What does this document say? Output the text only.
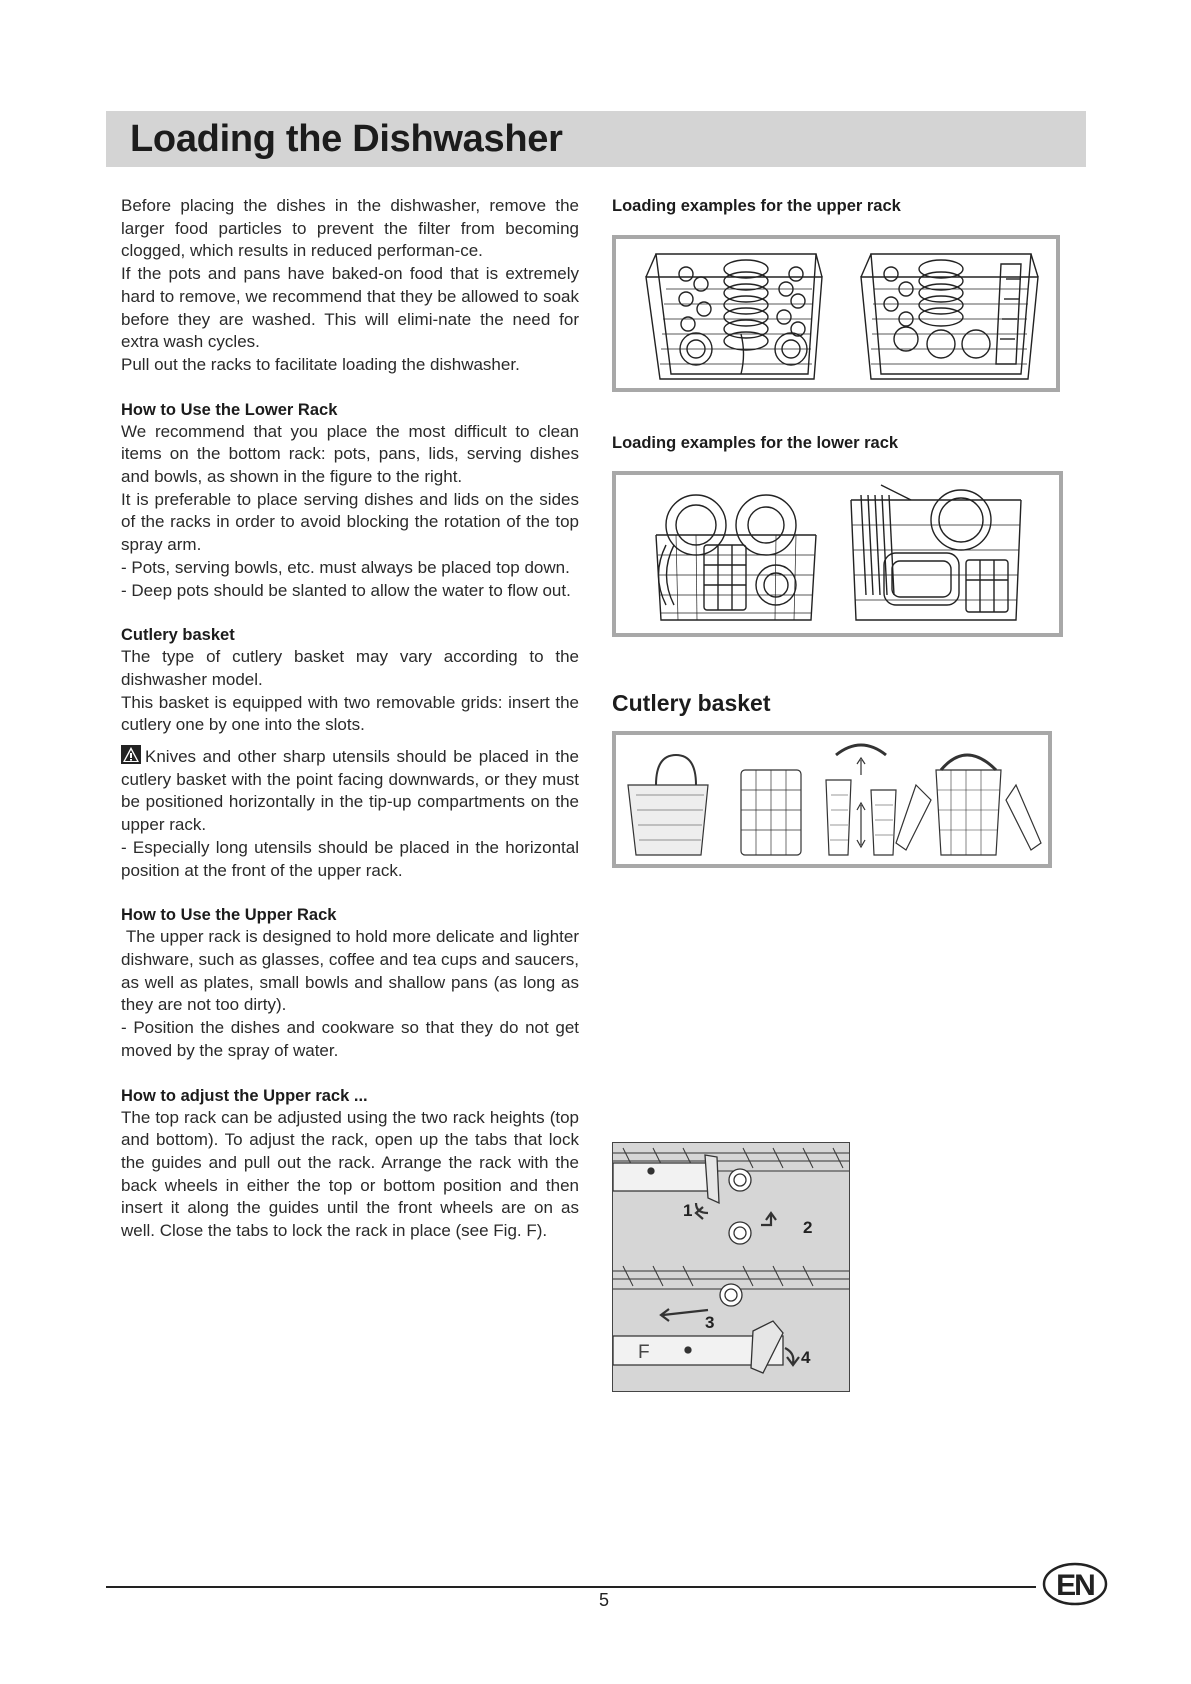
Loading the Dishwasher

Before placing the dishes in the dishwasher, remove the larger food particles to prevent the filter from becoming clogged, which results in reduced performan-ce.

If the pots and pans have baked-on food that is extremely hard to remove, we recommend that they be allowed to soak before they are washed. This will elimi-nate the need for extra wash cycles.

Pull out the racks to facilitate loading the dishwasher.

How to Use the Lower Rack

We recommend that you place the most difficult to clean items on the bottom rack: pots, pans, lids, serving dishes and bowls, as shown in the figure to the right.

It is preferable to place serving dishes and lids on the sides of the racks in order to avoid blocking the rotation of the top spray arm.

- Pots, serving bowls, etc. must always be placed top down.

- Deep pots should be slanted to allow the water to flow out.

Cutlery basket

The type of cutlery basket may vary according to the dishwasher model.

This basket is equipped with two removable grids: insert the cutlery one by one into the slots.

Knives and other sharp utensils should be placed in the cutlery basket with the point facing downwards, or they must be positioned horizontally in the tip-up compartments on the upper rack.

- Especially long utensils should be placed in the horizontal position at the front of the upper rack.

How to Use the Upper Rack

The upper rack is designed to hold more delicate and lighter dishware, such as glasses, coffee and tea cups and saucers, as well as plates, small bowls and shallow pans (as long as they are not too dirty).

- Position the dishes and cookware so that they do not get moved by the spray of water.

How to adjust the Upper rack ...

The top rack can be adjusted using the two rack heights (top and bottom). To adjust the rack, open up the tabs that lock the guides and pull out the rack. Arrange the rack with the back wheels in either the top or bottom position and then insert it along the guides until the front wheels are on as well. Close the tabs to lock the rack in place (see Fig. F).

Loading examples for the upper rack
Loading examples for the lower rack
Cutlery basket
1
2
3
4
F
5	EN
